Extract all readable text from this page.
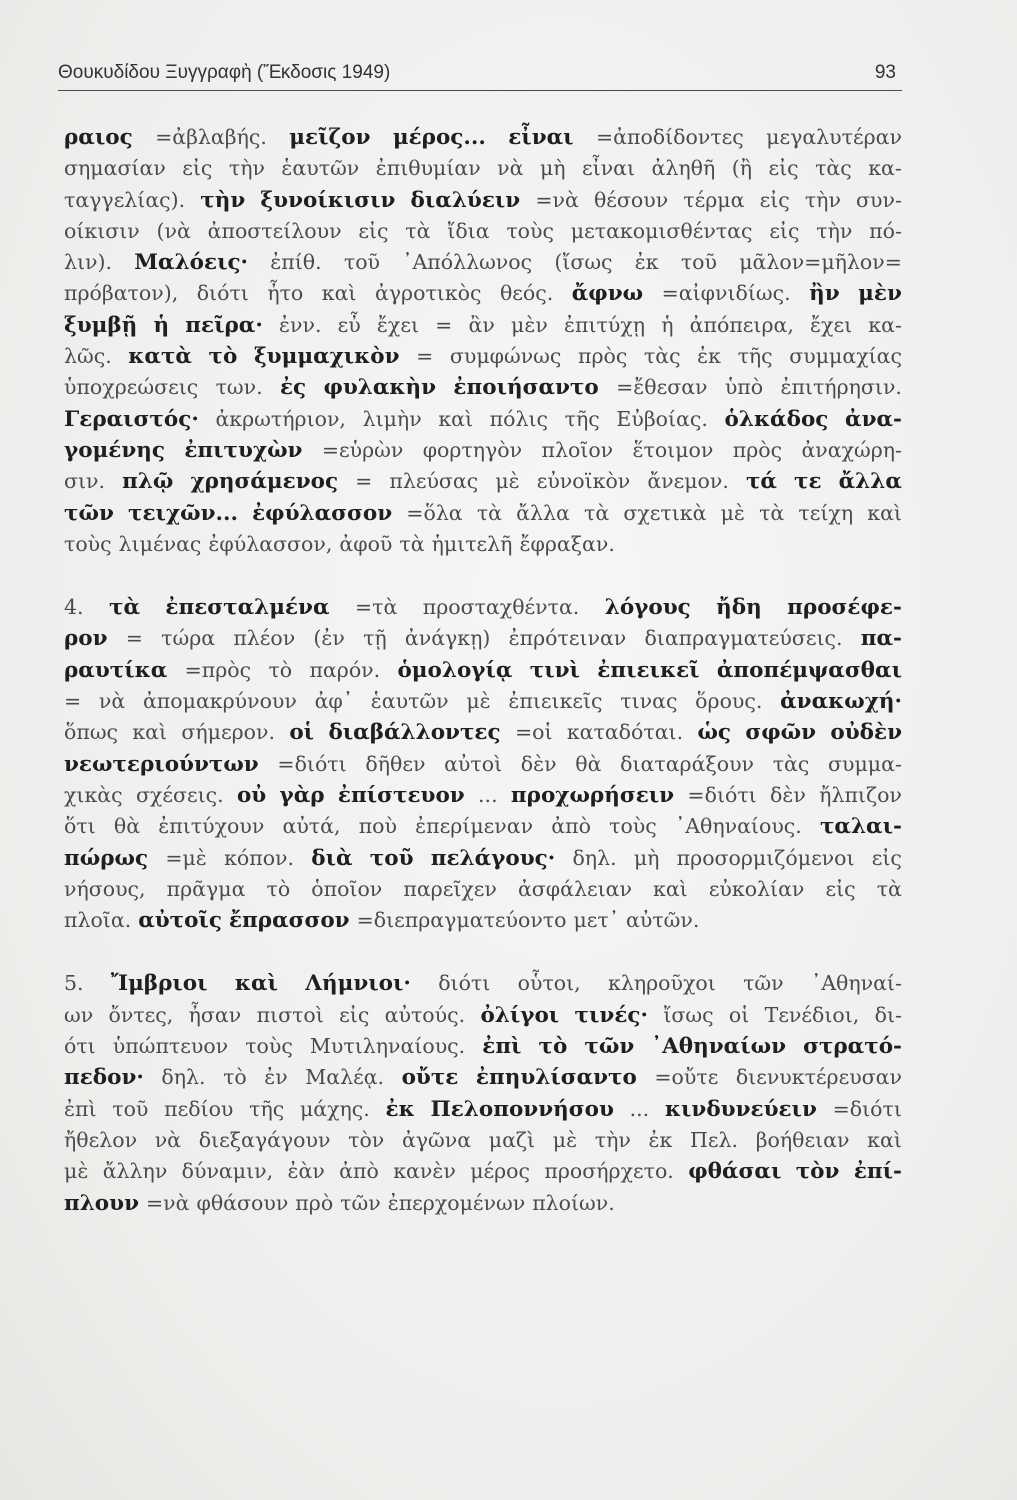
Θουκυδίδου Ξυγγραφὴ (Ἔκδοσις 1949)	93
ραιος =ἀβλαβής. μεῖζον μέρος... εἶναι =ἀποδίδοντες μεγαλυτέραν
σημασίαν εἰς τὴν ἑαυτῶν ἐπιθυμίαν νὰ μὴ εἶναι ἀληθῆ (ἢ εἰς τὰς κα-
ταγγελίας). τὴν ξυνοίκισιν διαλύειν =νὰ θέσουν τέρμα εἰς τὴν συν-
οίκισιν (νὰ ἀποστείλουν εἰς τὰ ἴδια τοὺς μετακομισθέντας εἰς τὴν πό-
λιν). Μαλόεις· ἐπίθ. τοῦ ᾿Απόλλωνος (ἴσως ἐκ τοῦ μᾶλον=μῆλον=
πρόβατον), διότι ἦτο καὶ ἀγροτικὸς θεός. ἄφνω =αἰφνιδίως. ἢν μὲν
ξυμβῇ ἡ πεῖρα· ἐνν. εὖ ἔχει = ἂν μὲν ἐπιτύχῃ ἡ ἀπόπειρα, ἔχει κα-
λῶς. κατὰ τὸ ξυμμαχικὸν = συμφώνως πρὸς τὰς ἐκ τῆς συμμαχίας
ὑποχρεώσεις των. ἐς φυλακὴν ἐποιήσαντο =ἔθεσαν ὑπὸ ἐπιτήρησιν.
Γεραιστός· ἀκρωτήριον, λιμὴν καὶ πόλις τῆς Εὐβοίας. ὁλκάδος ἀνα-
γομένης ἐπιτυχὼν =εὑρὼν φορτηγὸν πλοῖον ἕτοιμον πρὸς ἀναχώρη-
σιν. πλῷ χρησάμενος = πλεύσας μὲ εὐνοϊκὸν ἄνεμον. τά τε ἄλλα
τῶν τειχῶν... ἐφύλασσον =ὅλα τὰ ἄλλα τὰ σχετικὰ μὲ τὰ τείχη καὶ
τοὺς λιμένας ἐφύλασσον, ἀφοῦ τὰ ἡμιτελῆ ἔφραξαν.
4. τὰ ἐπεσταλμένα =τὰ προσταχθέντα. λόγους ἤδη προσέφε-
ρον = τώρα πλέον (ἐν τῇ ἀνάγκῃ) ἐπρότειναν διαπραγματεύσεις. πα-
ραυτίκα =πρὸς τὸ παρόν. ὁμολογίᾳ τινὶ ἐπιεικεῖ ἀποπέμψασθαι
= νὰ ἀπομακρύνουν ἀφ᾿ ἑαυτῶν μὲ ἐπιεικεῖς τινας ὅρους. ἀνακωχή·
ὅπως καὶ σήμερον. οἱ διαβάλλοντες =οἱ καταδόται. ὡς σφῶν οὐδὲν
νεωτεριούντων =διότι δῆθεν αὐτοὶ δὲν θὰ διαταράξουν τὰς συμμα-
χικὰς σχέσεις. οὐ γὰρ ἐπίστευον ... προχωρήσειν =διότι δὲν ἤλπιζον
ὅτι θὰ ἐπιτύχουν αὐτά, ποὺ ἐπερίμεναν ἀπὸ τοὺς ᾿Αθηναίους. ταλαι-
πώρως =μὲ κόπον. διὰ τοῦ πελάγους· δηλ. μὴ προσορμιζόμενοι εἰς
νήσους, πρᾶγμα τὸ ὁποῖον παρεῖχεν ἀσφάλειαν καὶ εὐκολίαν εἰς τὰ
πλοῖα. αὐτοῖς ἔπρασσον =διεπραγματεύοντο μετ᾿ αὐτῶν.
5. Ἴμβριοι καὶ Λήμνιοι· διότι οὗτοι, κληροῦχοι τῶν ᾿Αθηναί-
ων ὄντες, ἦσαν πιστοὶ εἰς αὐτούς. ὀλίγοι τινές· ἴσως οἱ Τενέδιοι, δι-
ότι ὑπώπτευον τοὺς Μυτιληναίους. ἐπὶ τὸ τῶν ᾿Αθηναίων στρατό-
πεδον· δηλ. τὸ ἐν Μαλέᾳ. οὔτε ἐπηυλίσαντο =οὔτε διενυκτέρευσαν
ἐπὶ τοῦ πεδίου τῆς μάχης. ἐκ Πελοποννήσου ... κινδυνεύειν =διότι
ἤθελον νὰ διεξαγάγουν τὸν ἀγῶνα μαζὶ μὲ τὴν ἐκ Πελ. βοήθειαν καὶ
μὲ ἄλλην δύναμιν, ἐὰν ἀπὸ κανὲν μέρος προσήρχετο. φθάσαι τὸν ἐπί-
πλουν =νὰ φθάσουν πρὸ τῶν ἐπερχομένων πλοίων.
